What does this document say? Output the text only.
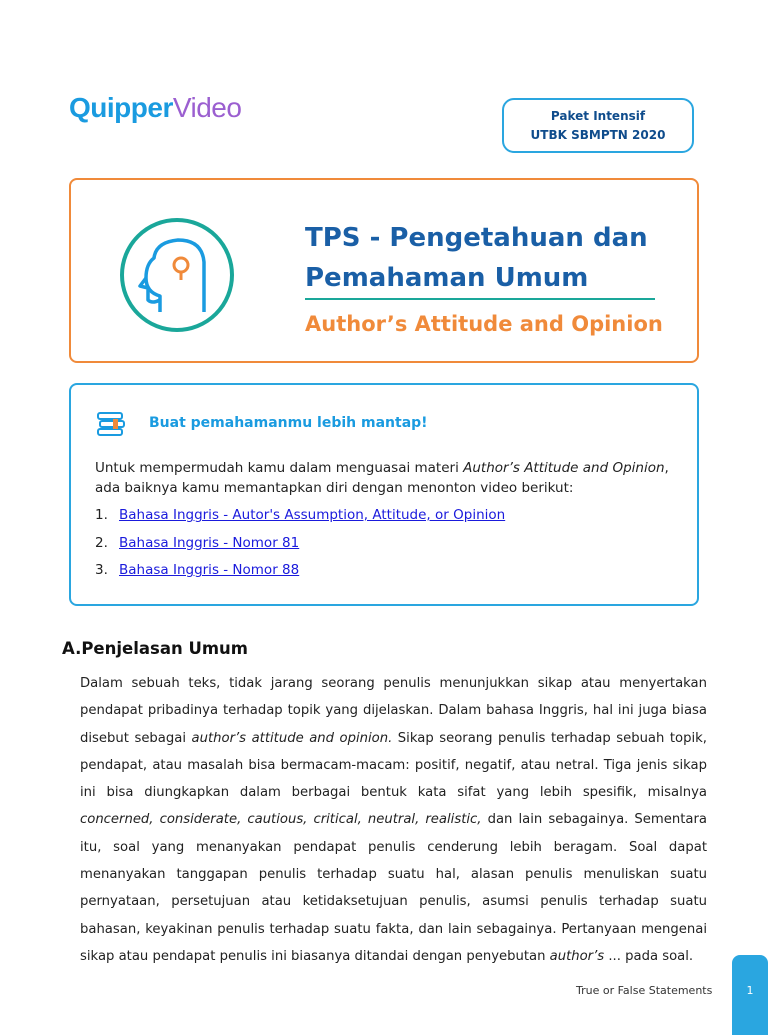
QuipperVideo	Paket Intensif
UTBK SBMPTN 2020
TPS - Pengetahuan dan
Pemahaman Umum
Author’s Attitude and Opinion
Buat pemahamanmu lebih mantap!
Untuk mempermudah kamu dalam menguasai materi Author’s Attitude and Opinion, ada baiknya kamu memantapkan diri dengan menonton video berikut:
1. Bahasa Inggris - Autor's Assumption, Attitude, or Opinion
2. Bahasa Inggris - Nomor 81
3. Bahasa Inggris - Nomor 88
A.Penjelasan Umum

Dalam sebuah teks, tidak jarang seorang penulis menunjukkan sikap atau menyertakan pendapat pribadinya terhadap topik yang dijelaskan. Dalam bahasa Inggris, hal ini juga biasa disebut sebagai author’s attitude and opinion. Sikap seorang penulis terhadap sebuah topik, pendapat, atau masalah bisa bermacam-macam: positif, negatif, atau netral. Tiga jenis sikap ini bisa diungkapkan dalam berbagai bentuk kata sifat yang lebih spesifik, misalnya concerned, considerate, cautious, critical, neutral, realistic, dan lain sebagainya. Sementara itu, soal yang menanyakan pendapat penulis cenderung lebih beragam. Soal dapat menanyakan tanggapan penulis terhadap suatu hal, alasan penulis menuliskan suatu pernyataan, persetujuan atau ketidaksetujuan penulis, asumsi penulis terhadap suatu bahasan, keyakinan penulis terhadap suatu fakta, dan lain sebagainya. Pertanyaan mengenai sikap atau pendapat penulis ini biasanya ditandai dengan penyebutan author’s ... pada soal.

True or False Statements	1
